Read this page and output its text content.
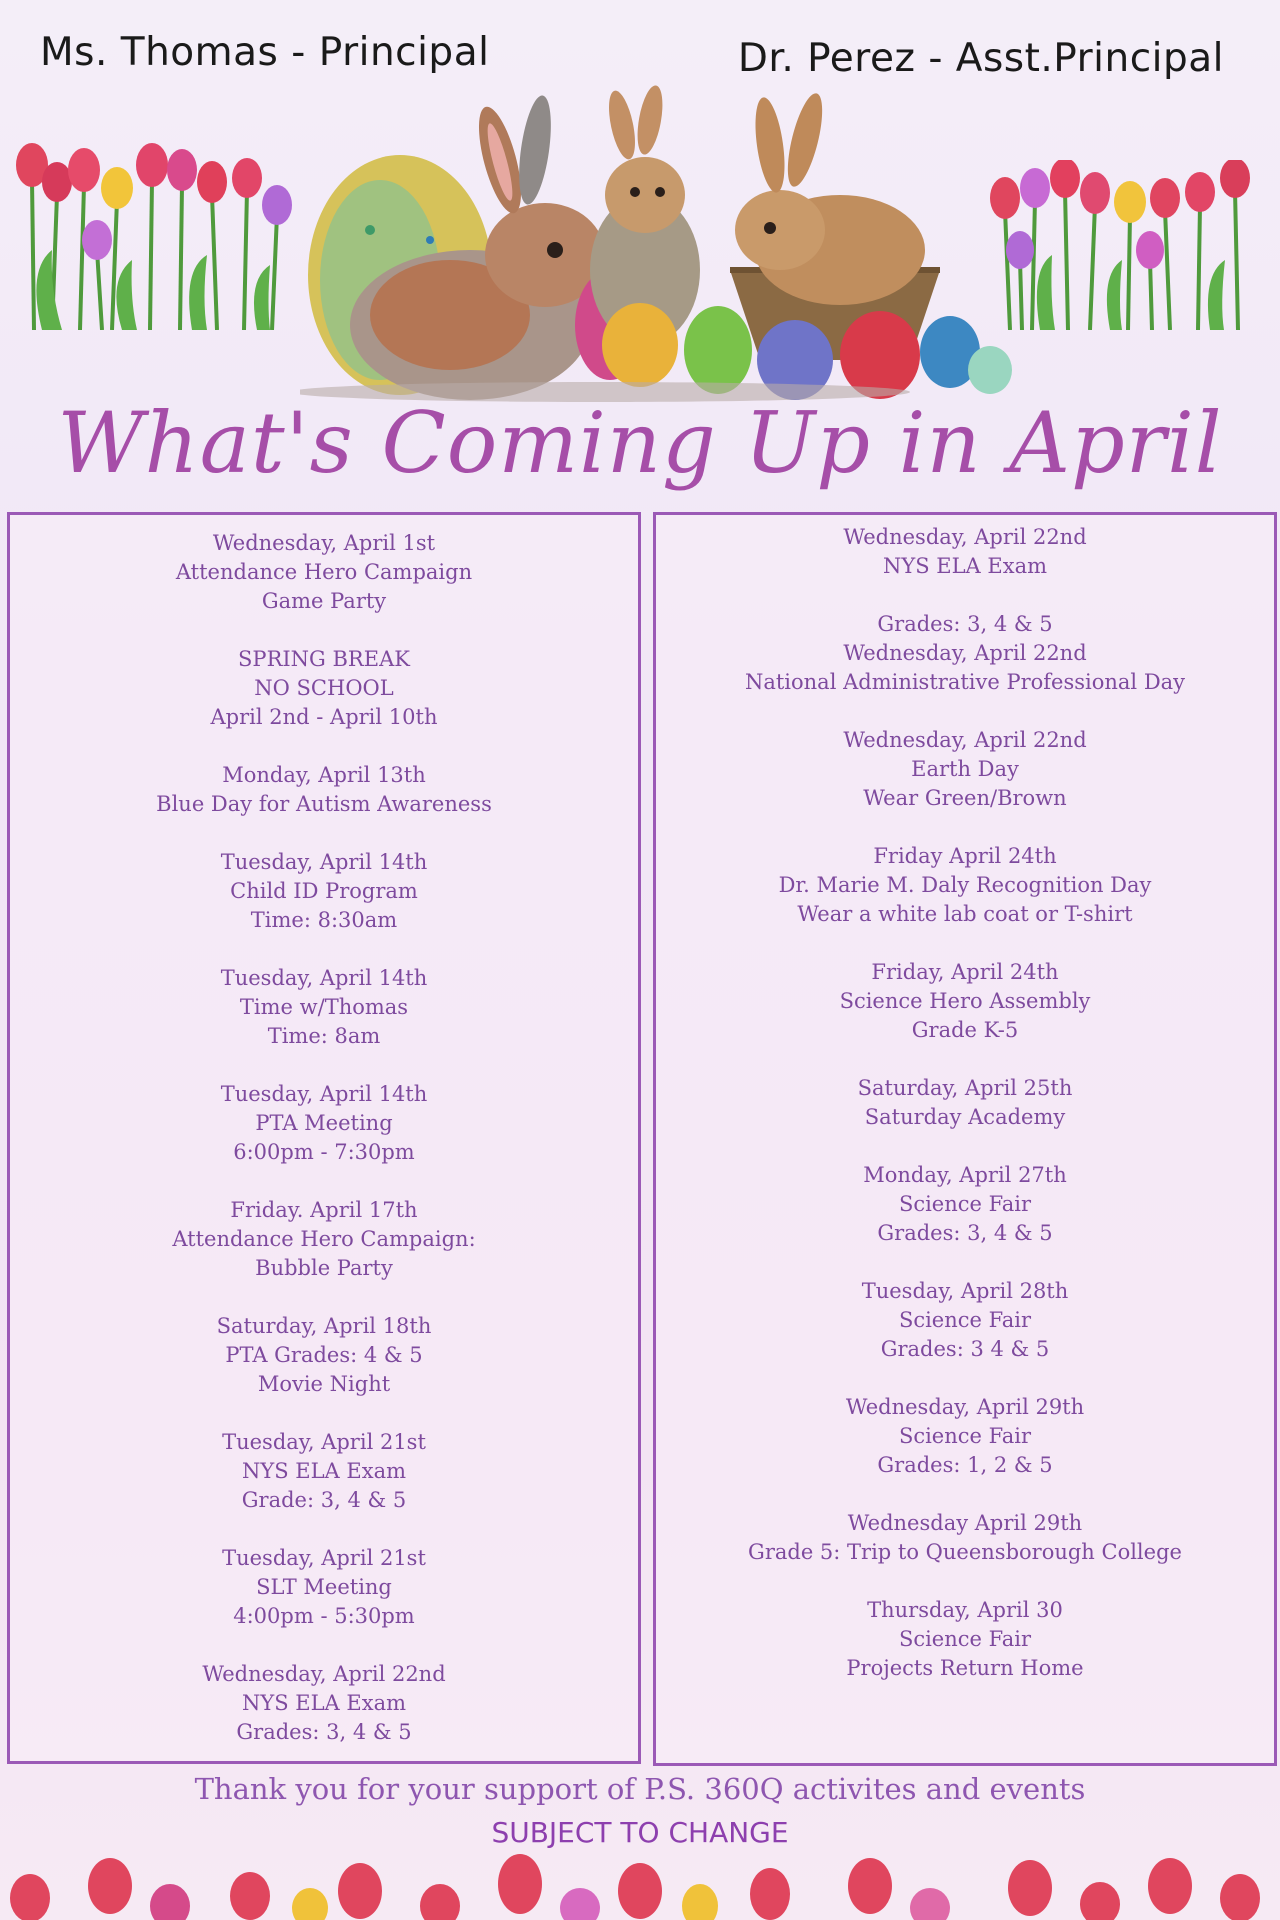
Ms. Thomas - Principal	Dr. Perez - Asst.Principal
What's Coming Up in April
Wednesday, April 1st
Attendance Hero Campaign
Game Party
SPRING BREAK
NO SCHOOL
April 2nd - April 10th
Monday, April 13th
Blue Day for Autism Awareness
Tuesday, April 14th
Child ID Program
Time: 8:30am
Tuesday, April 14th
Time w/Thomas
Time: 8am
Tuesday, April 14th
PTA Meeting
6:00pm - 7:30pm
Friday. April 17th
Attendance Hero Campaign:
Bubble Party
Saturday, April 18th
PTA Grades: 4 & 5
Movie Night
Tuesday, April 21st
NYS ELA Exam
Grade: 3, 4 & 5
Tuesday, April 21st
SLT Meeting
4:00pm - 5:30pm
Wednesday, April 22nd
NYS ELA Exam
Grades: 3, 4 & 5
Wednesday, April 22nd
NYS ELA Exam
Grades: 3, 4 & 5
Wednesday, April 22nd
National Administrative Professional Day
Wednesday, April 22nd
Earth Day
Wear Green/Brown
Friday April 24th
Dr. Marie M. Daly Recognition Day
Wear a white lab coat or T-shirt
Friday, April 24th
Science Hero Assembly
Grade K-5
Saturday, April 25th
Saturday Academy
Monday, April 27th
Science Fair
Grades: 3, 4 & 5
Tuesday, April 28th
Science Fair
Grades: 3 4 & 5
Wednesday, April 29th
Science Fair
Grades: 1, 2 & 5
Wednesday April 29th
Grade 5: Trip to Queensborough College
Thursday, April 30
Science Fair
Projects Return Home
Thank you for your support of P.S. 360Q activites and events
SUBJECT TO CHANGE
